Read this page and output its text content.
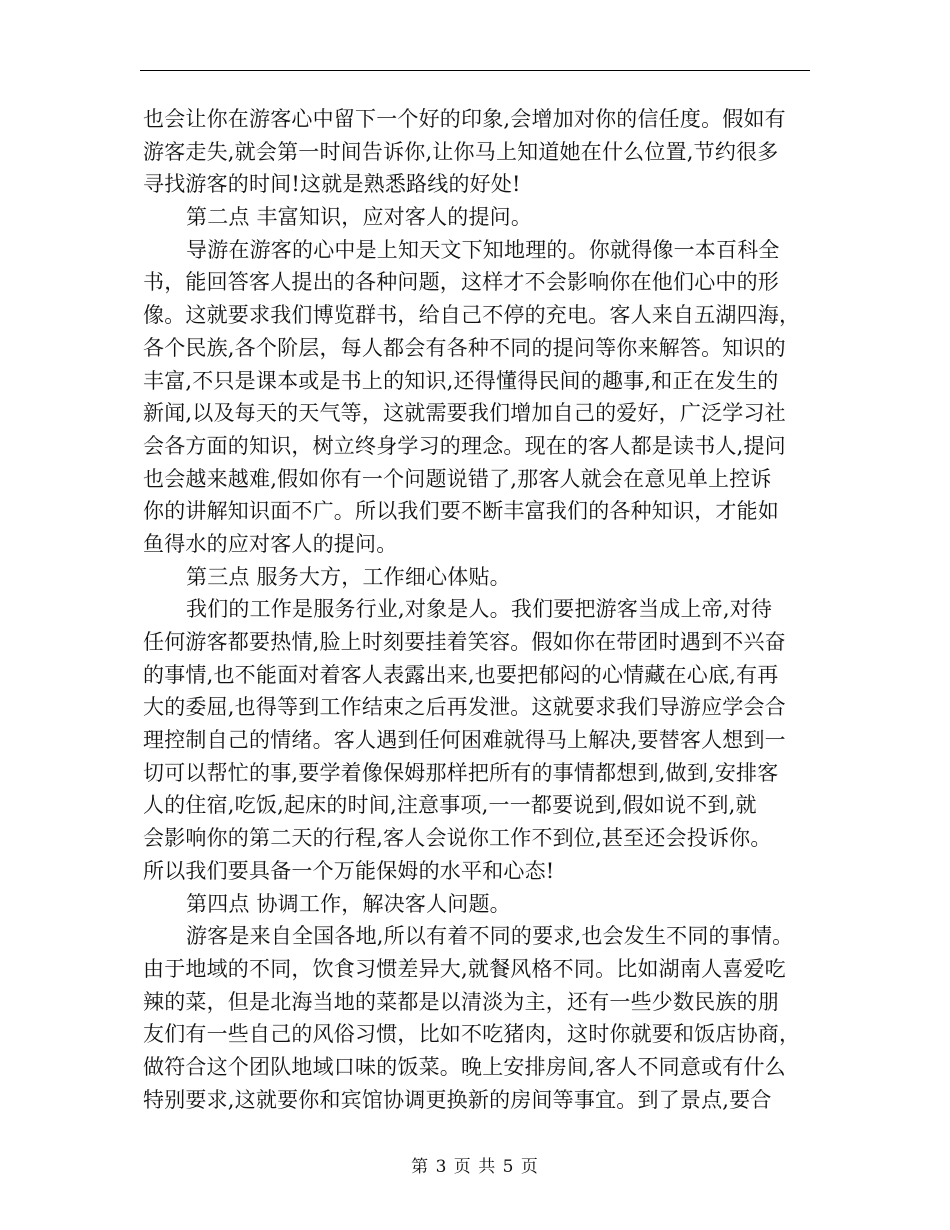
也会让你在游客心中留下一个好的印象,会增加对你的信任度。假如有
游客走失,就会第一时间告诉你,让你马上知道她在什么位置,节约很多
寻找游客的时间!这就是熟悉路线的好处!
第二点 丰富知识，应对客人的提问。
导游在游客的心中是上知天文下知地理的。你就得像一本百科全
书，能回答客人提出的各种问题，这样才不会影响你在他们心中的形
像。这就要求我们博览群书，给自己不停的充电。客人来自五湖四海，
各个民族,各个阶层，每人都会有各种不同的提问等你来解答。知识的
丰富,不只是课本或是书上的知识,还得懂得民间的趣事,和正在发生的
新闻,以及每天的天气等，这就需要我们增加自己的爱好，广泛学习社
会各方面的知识，树立终身学习的理念。现在的客人都是读书人,提问
也会越来越难,假如你有一个问题说错了,那客人就会在意见单上控诉
你的讲解知识面不广。所以我们要不断丰富我们的各种知识，才能如
鱼得水的应对客人的提问。
第三点 服务大方，工作细心体贴。
我们的工作是服务行业,对象是人。我们要把游客当成上帝,对待
任何游客都要热情,脸上时刻要挂着笑容。假如你在带团时遇到不兴奋
的事情,也不能面对着客人表露出来,也要把郁闷的心情藏在心底,有再
大的委屈,也得等到工作结束之后再发泄。这就要求我们导游应学会合
理控制自己的情绪。客人遇到任何困难就得马上解决,要替客人想到一
切可以帮忙的事,要学着像保姆那样把所有的事情都想到,做到,安排客
人的住宿,吃饭,起床的时间,注意事项,一一都要说到,假如说不到,就
会影响你的第二天的行程,客人会说你工作不到位,甚至还会投诉你。
所以我们要具备一个万能保姆的水平和心态!
第四点 协调工作，解决客人问题。
游客是来自全国各地,所以有着不同的要求,也会发生不同的事情。
由于地域的不同，饮食习惯差异大,就餐风格不同。比如湖南人喜爱吃
辣的菜，但是北海当地的菜都是以清淡为主，还有一些少数民族的朋
友们有一些自己的风俗习惯，比如不吃猪肉，这时你就要和饭店协商，
做符合这个团队地域口味的饭菜。晚上安排房间,客人不同意或有什么
特别要求,这就要你和宾馆协调更换新的房间等事宜。到了景点,要合
第 3 页 共 5 页
